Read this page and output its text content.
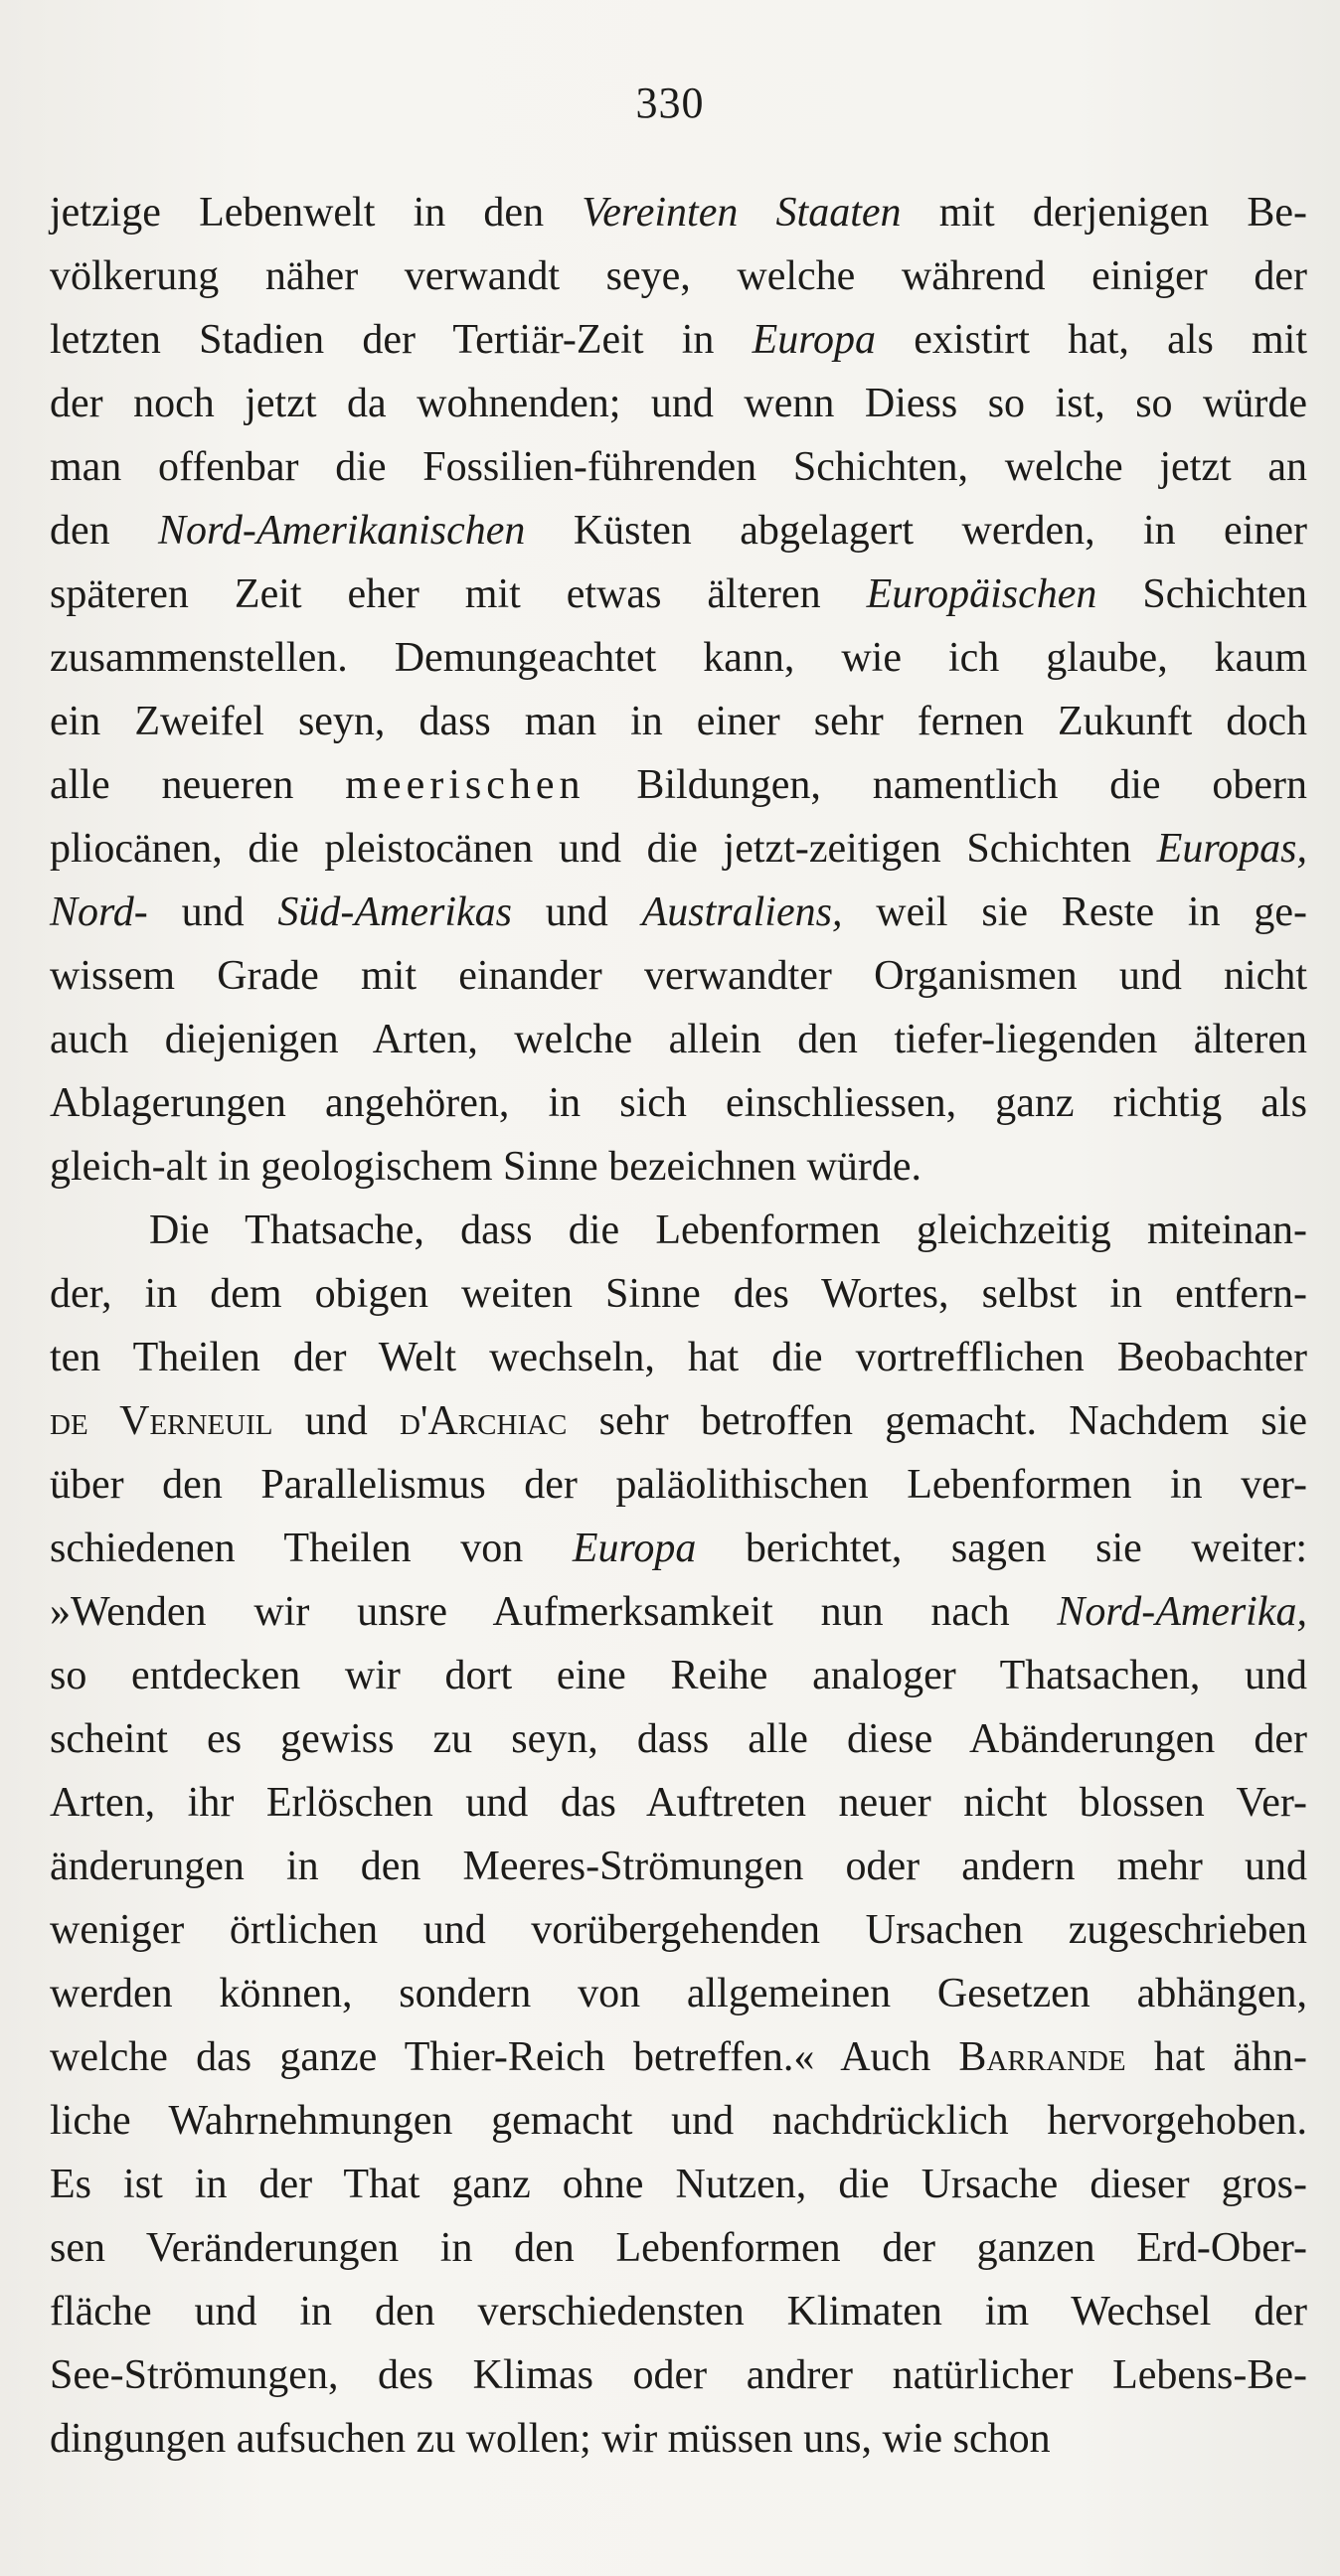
330
jetzige Lebenwelt in den Vereinten Staaten mit derjenigen Be-
völkerung näher verwandt seye, welche während einiger der
letzten Stadien der Tertiär-Zeit in Europa existirt hat, als mit
der noch jetzt da wohnenden; und wenn Diess so ist, so würde
man offenbar die Fossilien-führenden Schichten, welche jetzt an
den Nord-Amerikanischen Küsten abgelagert werden, in einer
späteren Zeit eher mit etwas älteren Europäischen Schichten
zusammenstellen. Demungeachtet kann, wie ich glaube, kaum
ein Zweifel seyn, dass man in einer sehr fernen Zukunft doch
alle neueren meerischen Bildungen, namentlich die obern
pliocänen, die pleistocänen und die jetzt-zeitigen Schichten Europas,
Nord- und Süd-Amerikas und Australiens, weil sie Reste in ge-
wissem Grade mit einander verwandter Organismen und nicht
auch diejenigen Arten, welche allein den tiefer-liegenden älteren
Ablagerungen angehören, in sich einschliessen, ganz richtig als
gleich-alt in geologischem Sinne bezeichnen würde.
Die Thatsache, dass die Lebenformen gleichzeitig miteinan-
der, in dem obigen weiten Sinne des Wortes, selbst in entfern-
ten Theilen der Welt wechseln, hat die vortrefflichen Beobachter
de Verneuil und d'Archiac sehr betroffen gemacht. Nachdem sie
über den Parallelismus der paläolithischen Lebenformen in ver-
schiedenen Theilen von Europa berichtet, sagen sie weiter:
»Wenden wir unsre Aufmerksamkeit nun nach Nord-Amerika,
so entdecken wir dort eine Reihe analoger Thatsachen, und
scheint es gewiss zu seyn, dass alle diese Abänderungen der
Arten, ihr Erlöschen und das Auftreten neuer nicht blossen Ver-
änderungen in den Meeres-Strömungen oder andern mehr und
weniger örtlichen und vorübergehenden Ursachen zugeschrieben
werden können, sondern von allgemeinen Gesetzen abhängen,
welche das ganze Thier-Reich betreffen.« Auch Barrande hat ähn-
liche Wahrnehmungen gemacht und nachdrücklich hervorgehoben.
Es ist in der That ganz ohne Nutzen, die Ursache dieser gros-
sen Veränderungen in den Lebenformen der ganzen Erd-Ober-
fläche und in den verschiedensten Klimaten im Wechsel der
See-Strömungen, des Klimas oder andrer natürlicher Lebens-Be-
dingungen aufsuchen zu wollen; wir müssen uns, wie schon
